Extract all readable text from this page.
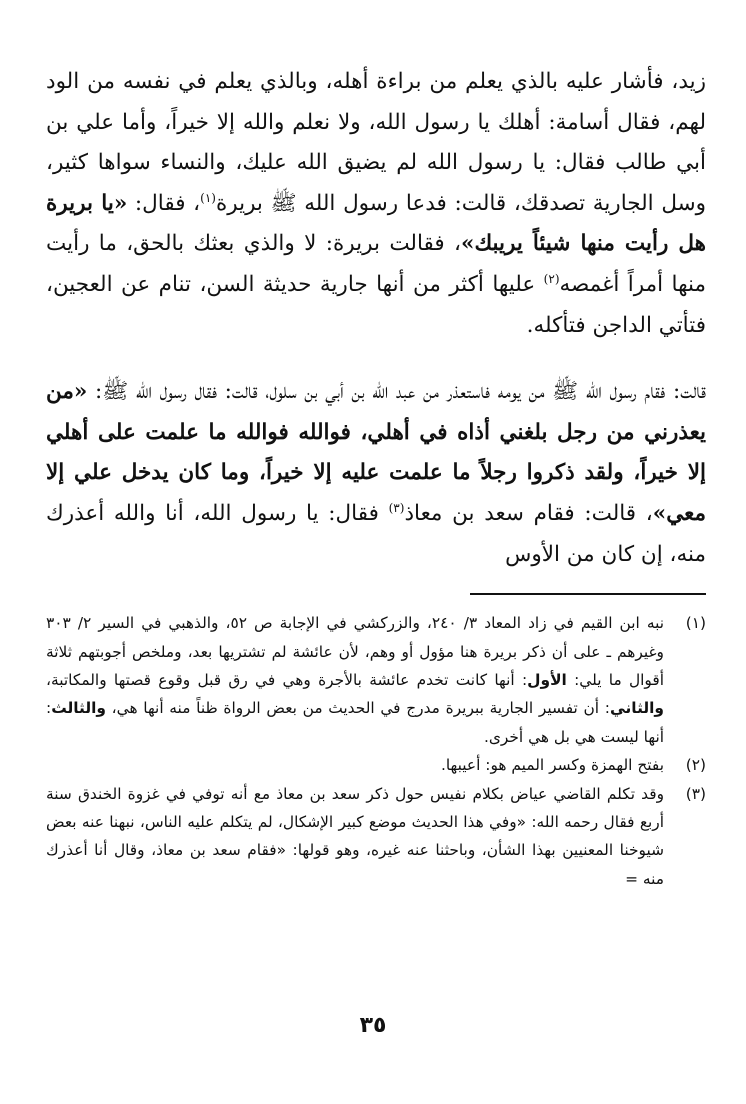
زيد، فأشار عليه بالذي يعلم من براءة أهله، وبالذي يعلم في نفسه من الود لهم، فقال أسامة: أهلك يا رسول الله، ولا نعلم والله إلا خيراً، وأما علي بن أبي طالب فقال: يا رسول الله لم يضيق الله عليك، والنساء سواها كثير، وسل الجارية تصدقك، قالت: فدعا رسول الله ﷺ بريرة$^{(١)}$، فقال: «يا بريرة هل رأيت منها شيئاً يريبك»، فقالت بريرة: لا والذي بعثك بالحق، ما رأيت منها أمراً أغمصه$^{(٢)}$ عليها أكثر من أنها جارية حديثة السن، تنام عن العجين، فتأتي الداجن فتأكله.

قالت: فقام رسول الله ﷺ من يومه فاستعذر من عبد الله بن أبي بن سلول، قالت: فقال رسول الله ﷺ: «من يعذرني من رجل بلغني أذاه في أهلي، فوالله فوالله ما علمت على أهلي إلا خيراً، ولقد ذكروا رجلاً ما علمت عليه إلا خيراً، وما كان يدخل علي إلا معي»، قالت: فقام سعد بن معاذ$^{(٣)}$ فقال: يا رسول الله، أنا والله أعذرك منه، إن كان من الأوس

(١)
نبه ابن القيم في زاد المعاد ٣/ ٢٤٠، والزركشي في الإجابة ص ٥٢، والذهبي في السير ٢/ ٣٠٣ وغيرهم ـ على أن ذكر بريرة هنا مؤول أو وهم، لأن عائشة لم تشتريها بعد، وملخص أجوبتهم ثلاثة أقوال ما يلي: الأول: أنها كانت تخدم عائشة بالأجرة وهي في رق قبل وقوع قصتها والمكاتبة، والثاني: أن تفسير الجارية ببريرة مدرج في الحديث من بعض الرواة ظناً منه أنها هي، والثالث: أنها ليست هي بل هي أخرى.
(٢)
بفتح الهمزة وكسر الميم هو: أعيبها.
(٣)
وقد تكلم القاضي عياض بكلام نفيس حول ذكر سعد بن معاذ مع أنه توفي في غزوة الخندق سنة أربع فقال رحمه الله: «وفي هذا الحديث موضع كبير الإشكال، لم يتكلم عليه الناس، نبهنا عنه بعض شيوخنا المعنيين بهذا الشأن، وباحثنا عنه غيره، وهو قولها: «فقام سعد بن معاذ، وقال أنا أعذرك منه =
٣٥
